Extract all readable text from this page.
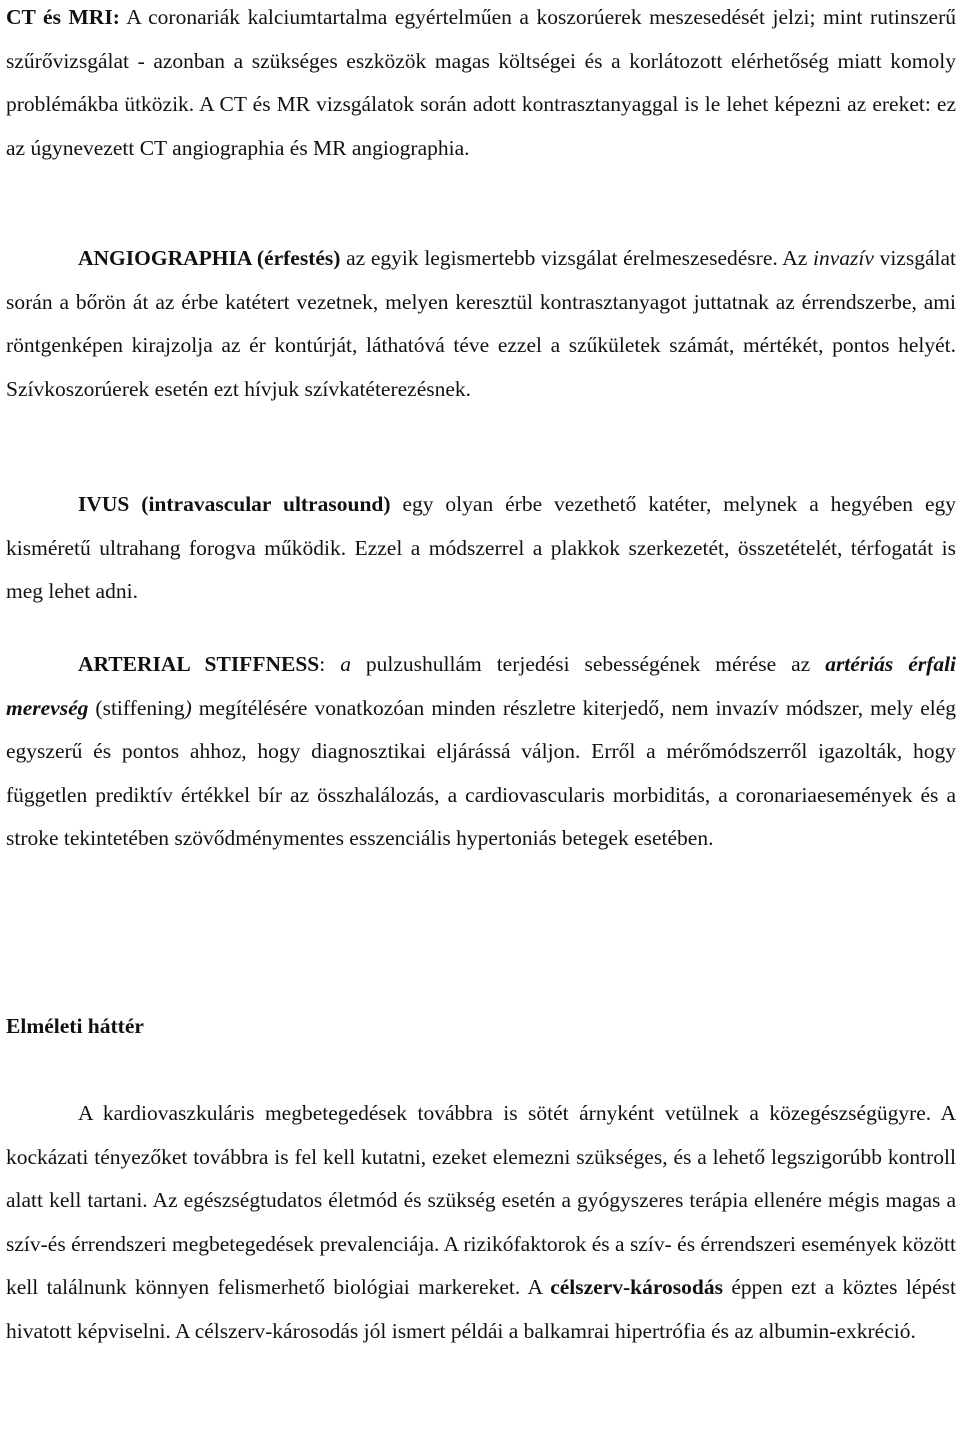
CT és MRI: A coronariák kalciumtartalma egyértelműen a koszorúerek meszesedését jelzi; mint rutinszerű szűrővizsgálat - azonban a szükséges eszközök magas költségei és a korlátozott elérhetőség miatt komoly problémákba ütközik. A CT és MR vizsgálatok során adott kontrasztanyaggal is le lehet képezni az ereket: ez az úgynevezett CT angiographia és MR angiographia.

ANGIOGRAPHIA (érfestés) az egyik legismertebb vizsgálat érelmeszesedésre. Az invazív vizsgálat során a bőrön át az érbe katétert vezetnek, melyen keresztül kontrasztanyagot juttatnak az érrendszerbe, ami röntgenképen kirajzolja az ér kontúrját, láthatóvá téve ezzel a szűkületek számát, mértékét, pontos helyét. Szívkoszorúerek esetén ezt hívjuk szívkatéterezésnek.

IVUS (intravascular ultrasound) egy olyan érbe vezethető katéter, melynek a hegyében egy kisméretű ultrahang forogva működik. Ezzel a módszerrel a plakkok szerkezetét, összetételét, térfogatát is meg lehet adni.

ARTERIAL STIFFNESS: a pulzushullám terjedési sebességének mérése az artériás érfali merevség (stiffening) megítélésére vonatkozóan minden részletre kiterjedő, nem invazív módszer, mely elég egyszerű és pontos ahhoz, hogy diagnosztikai eljárássá váljon. Erről a mérőmódszerről igazolták, hogy független prediktív értékkel bír az összhalálozás, a cardiovascularis morbiditás, a coronariaesemények és a stroke tekintetében szövődménymentes esszenciális hypertoniás betegek esetében.

Elméleti háttér

A kardiovaszkuláris megbetegedések továbbra is sötét árnyként vetülnek a közegészségügyre. A kockázati tényezőket továbbra is fel kell kutatni, ezeket elemezni szükséges, és a lehető legszigorúbb kontroll alatt kell tartani. Az egészségtudatos életmód és szükség esetén a gyógyszeres terápia ellenére mégis magas a szív-és érrendszeri megbetegedések prevalenciája. A rizikófaktorok és a szív- és érrendszeri események között kell találnunk könnyen felismerhető biológiai markereket. A célszerv-károsodás éppen ezt a köztes lépést hivatott képviselni. A célszerv-károsodás jól ismert példái a balkamrai hipertrófia és az albumin-exkréció.
